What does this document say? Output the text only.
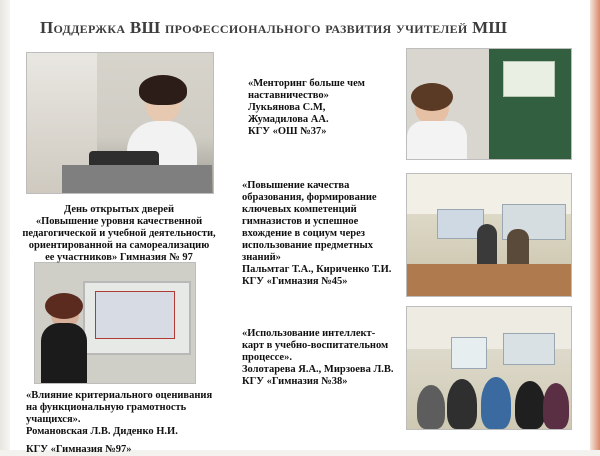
Поддержка ВШ профессионального развития учителей МШ
День открытых дверей
«Повышение уровня качественной
педагогической и учебной деятельности,
ориентированной на самореализацию
ее участников» Гимназия № 97
«Менторинг больше чем
наставничество»
Лукьянова С.М,
Жумадилова АА.
КГУ «ОШ №37»
«Повышение качества
образования, формирование
ключевых компетенций
гимназистов и успешное
вхождение в социум через
использование предметных
знаний»
Пальмтаг Т.А., Кириченко Т.И.
КГУ «Гимназия №45»
«Использование интеллект-
карт в учебно-воспитательном
процессе».
Золотарева Я.А., Мирзоева Л.В.
КГУ «Гимназия №38»
«Влияние критериального оценивания
на функциональную грамотность
учащихся».
Романовская Л.В. Диденко Н.И.
КГУ «Гимназия №97»
